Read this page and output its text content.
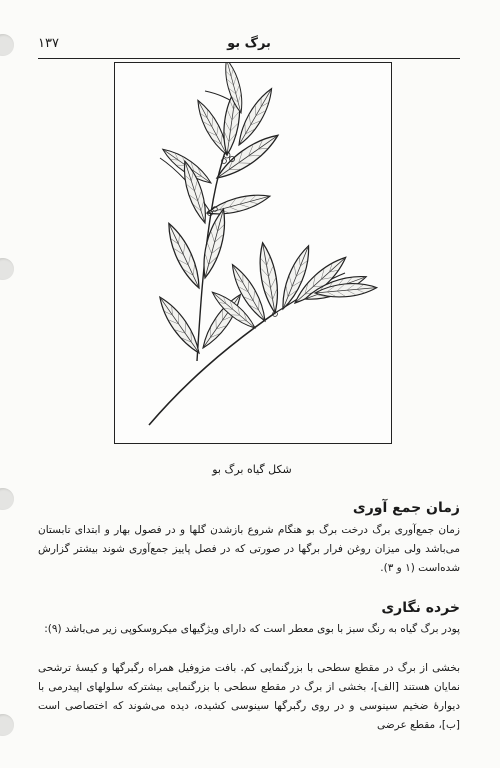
١٣٧	برگ بو
شکل گیاه برگ بو
زمان جمع آوری
زمان جمع‌آوری برگ درخت برگ بو هنگام شروع بازشدن گلها و در فصول بهار و ابتدای تابستان می‌باشد ولی میزان روغن فرار برگها در صورتی که در فصل پاییز جمع‌آوری شوند بیشتر گزارش شده‌است (۱ و ۳).
خرده نگاری
پودر برگ گیاه به رنگ سبز با بوی معطر است که دارای ویژگیهای میکروسکوپی زیر می‌باشد (۹):
بخشی از برگ در مقطع سطحی با بزرگنمایی کم. بافت مزوفیل همراه رگبرگها و کیسهٔ ترشحی نمایان هستند [الف]، بخشی از برگ در مقطع سطحی با بزرگنمایی بیشترکه سلولهای اپیدرمی با دیوارهٔ ضخیم سینوسی و در روی رگبرگها سینوسی کشیده، دیده می‌شوند که اختصاصی است [ب]، مقطع عرضی
